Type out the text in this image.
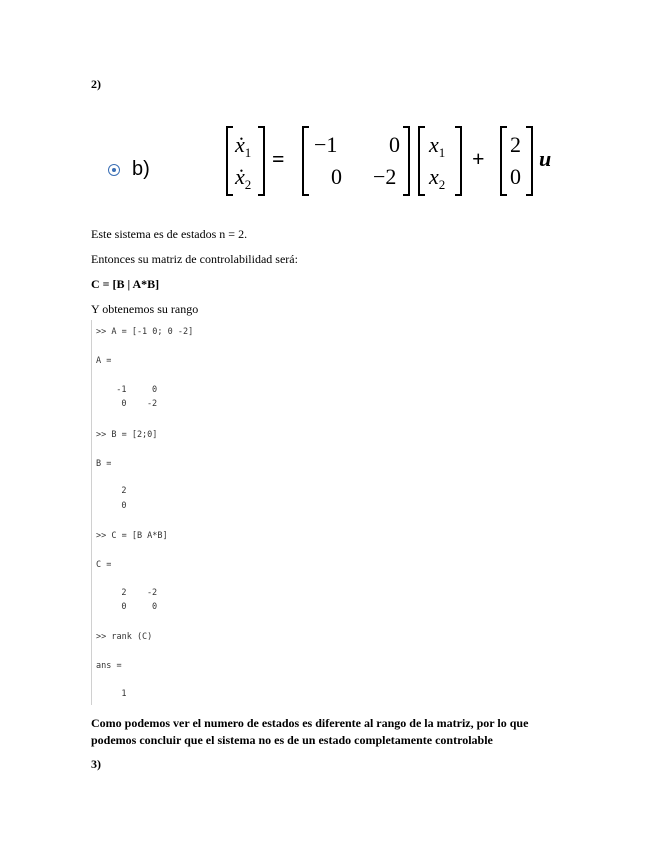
2)
b)
ẋ$_1$
ẋ$_2$
=
−1 0
0 −2
$x_1$
$x_2$
+
2
0
u
Este sistema es de estados n = 2.
Entonces su matriz de controlabilidad será:
C = [B | A*B]
Y obtenemos su rango
>> A = [-1 0; 0 -2]
A =
-1     0
0    -2
>> B = [2;0]
B =
2
0
>> C = [B A*B]
C =
2    -2
0     0
>> rank (C)
ans =
1
Como podemos ver el numero de estados es diferente al rango de la matriz, por lo que
podemos concluir que el sistema no es de un estado completamente controlable
3)
